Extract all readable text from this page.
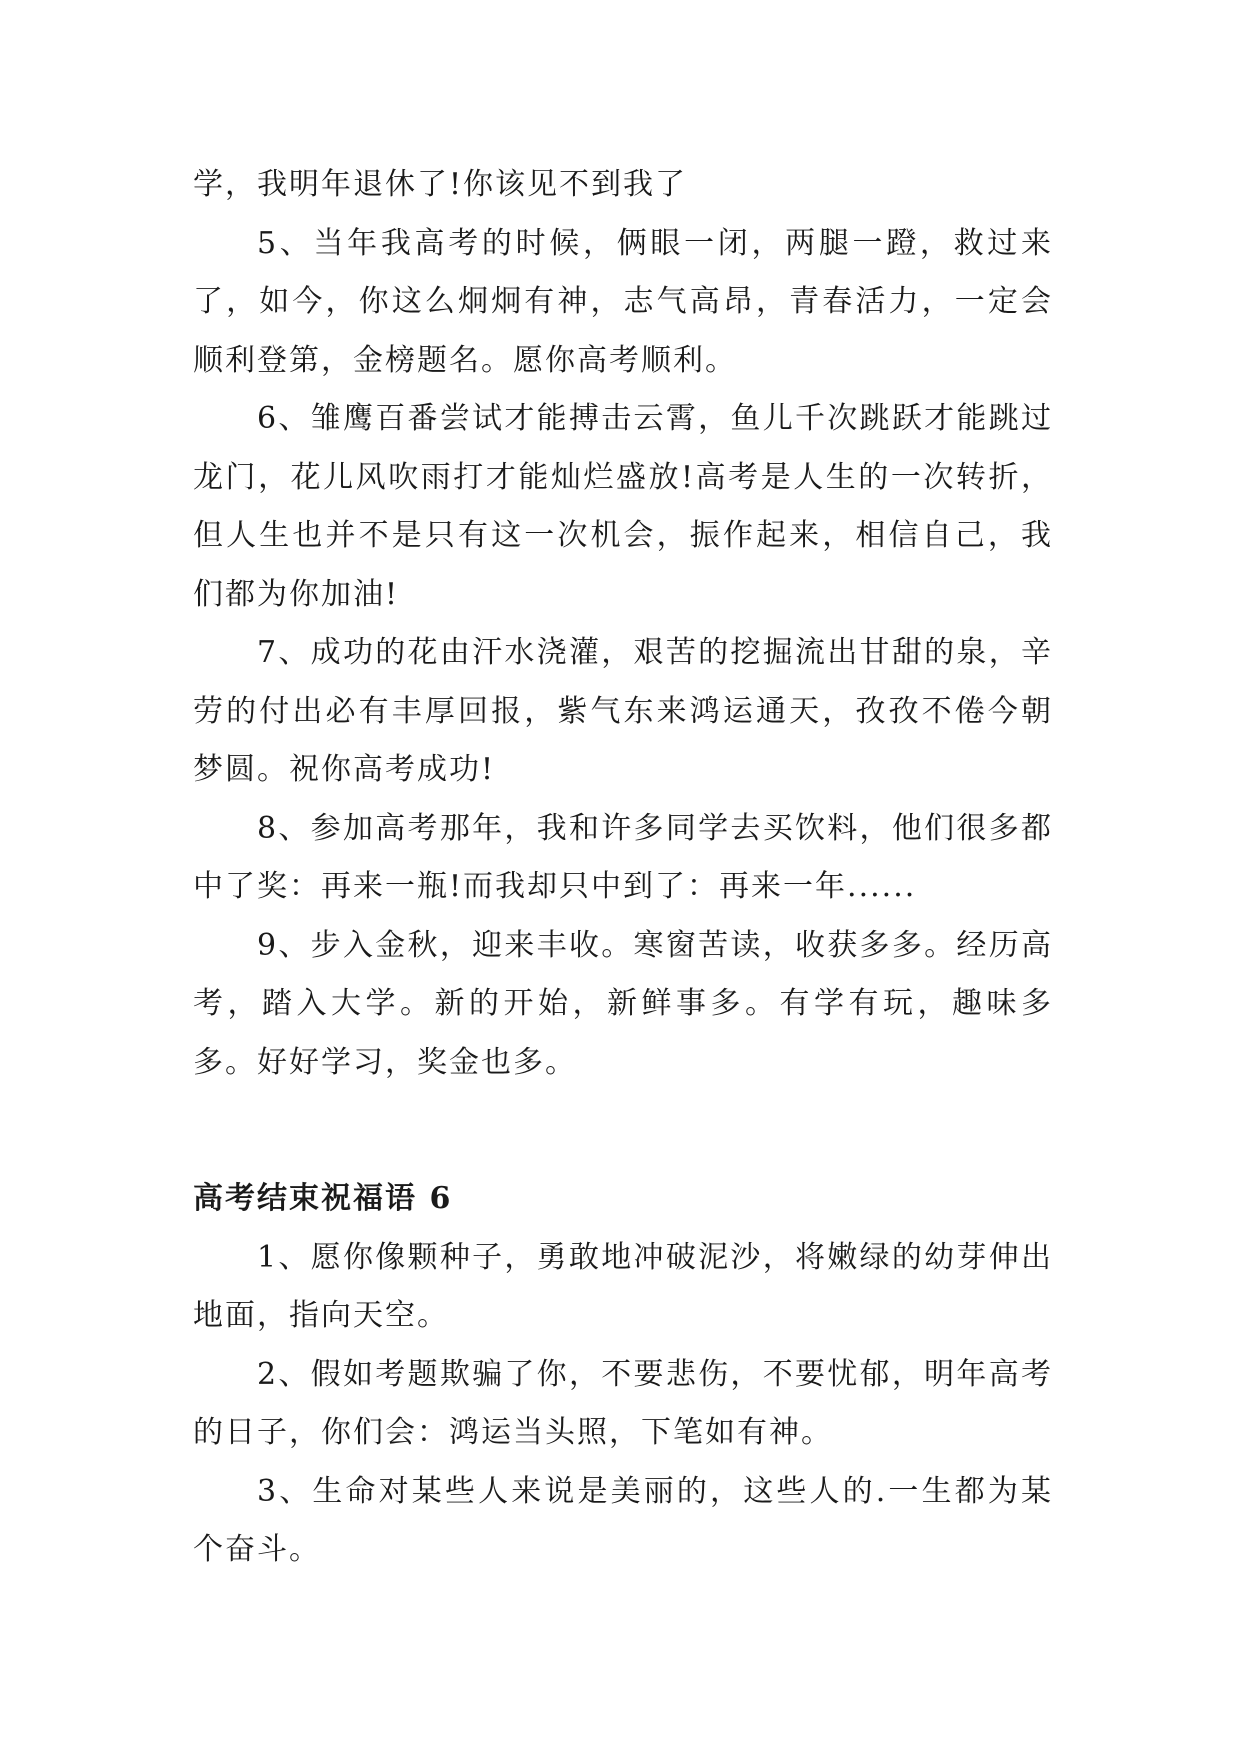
学，我明年退休了!你该见不到我了

5、当年我高考的时候，俩眼一闭，两腿一蹬，救过来了，如今，你这么炯炯有神，志气高昂，青春活力，一定会顺利登第，金榜题名。愿你高考顺利。

6、雏鹰百番尝试才能搏击云霄，鱼儿千次跳跃才能跳过龙门，花儿风吹雨打才能灿烂盛放!高考是人生的一次转折，但人生也并不是只有这一次机会，振作起来，相信自己，我们都为你加油!

7、成功的花由汗水浇灌，艰苦的挖掘流出甘甜的泉，辛劳的付出必有丰厚回报，紫气东来鸿运通天，孜孜不倦今朝梦圆。祝你高考成功!

8、参加高考那年，我和许多同学去买饮料，他们很多都中了奖：再来一瓶!而我却只中到了：再来一年......

9、步入金秋，迎来丰收。寒窗苦读，收获多多。经历高考，踏入大学。新的开始，新鲜事多。有学有玩，趣味多多。好好学习，奖金也多。

高考结束祝福语 6

1、愿你像颗种子，勇敢地冲破泥沙，将嫩绿的幼芽伸出地面，指向天空。

2、假如考题欺骗了你，不要悲伤，不要忧郁，明年高考的日子，你们会：鸿运当头照，下笔如有神。

3、生命对某些人来说是美丽的，这些人的.一生都为某个奋斗。
